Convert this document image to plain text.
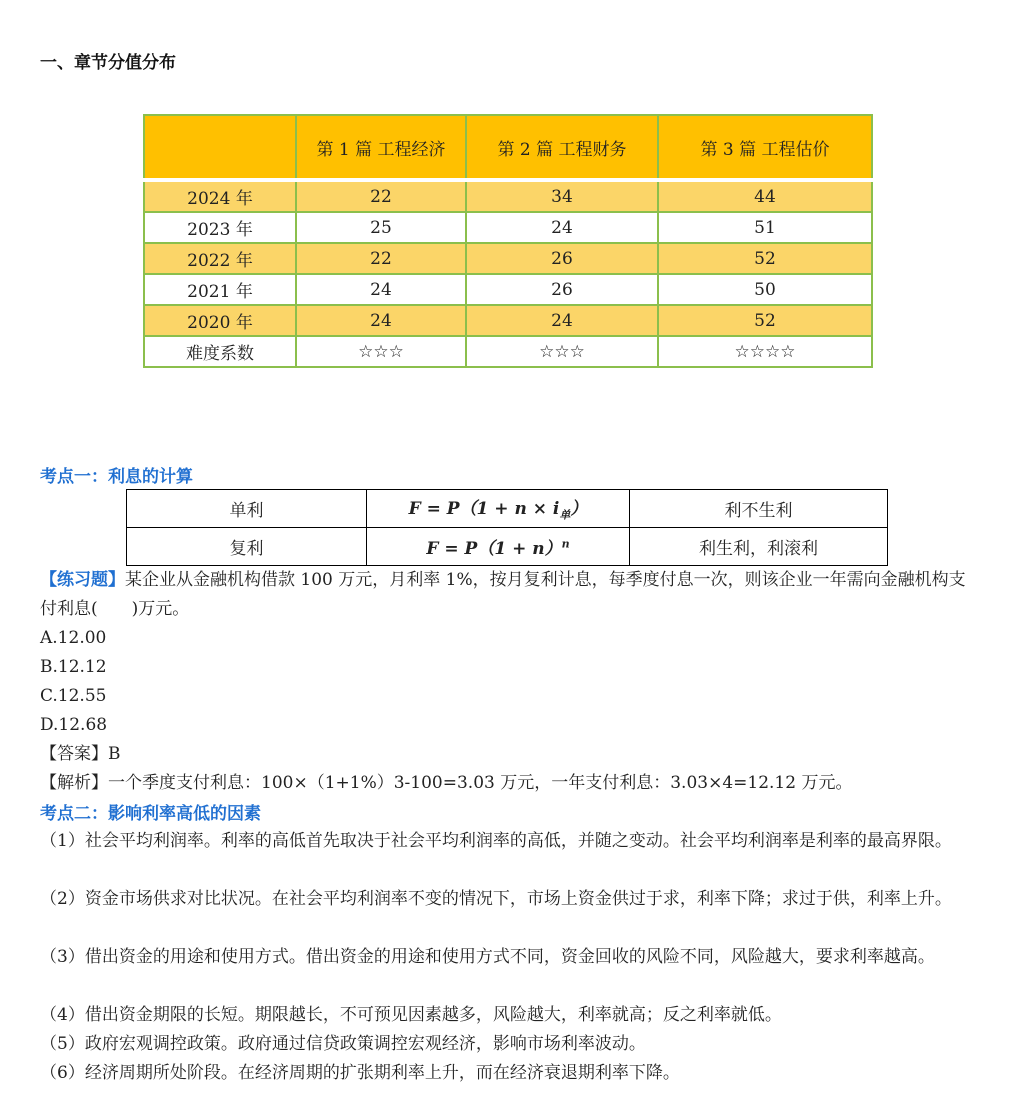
一、章节分值分布
	第 1 篇 工程经济	第 2 篇 工程财务	第 3 篇 工程估价
2024 年	22	34	44
2023 年	25	24	51
2022 年	22	26	52
2021 年	24	26	50
2020 年	24	24	52
难度系数	☆☆☆	☆☆☆	☆☆☆☆
考点一：利息的计算
单利	$F = P(1 + n \times i_单)$	利不生利
复利	$F = P(1 + n)^n$	利生利，利滚利

【练习题】某企业从金融机构借款 100 万元，月利率 1%，按月复利计息，每季度付息一次，则该企业一年需向金融机构支付利息(　　)万元。

A.12.00

B.12.12

C.12.55

D.12.68

【答案】B

【解析】一个季度支付利息：100×（1+1%）3-100=3.03 万元，一年支付利息：3.03×4=12.12 万元。

考点二：影响利率高低的因素

（1）社会平均利润率。利率的高低首先取决于社会平均利润率的高低，并随之变动。社会平均利润率是利率的最高界限。

（2）资金市场供求对比状况。在社会平均利润率不变的情况下，市场上资金供过于求，利率下降；求过于供，利率上升。

（3）借出资金的用途和使用方式。借出资金的用途和使用方式不同，资金回收的风险不同，风险越大，要求利率越高。

（4）借出资金期限的长短。期限越长，不可预见因素越多，风险越大，利率就高；反之利率就低。

（5）政府宏观调控政策。政府通过信贷政策调控宏观经济，影响市场利率波动。

（6）经济周期所处阶段。在经济周期的扩张期利率上升，而在经济衰退期利率下降。
